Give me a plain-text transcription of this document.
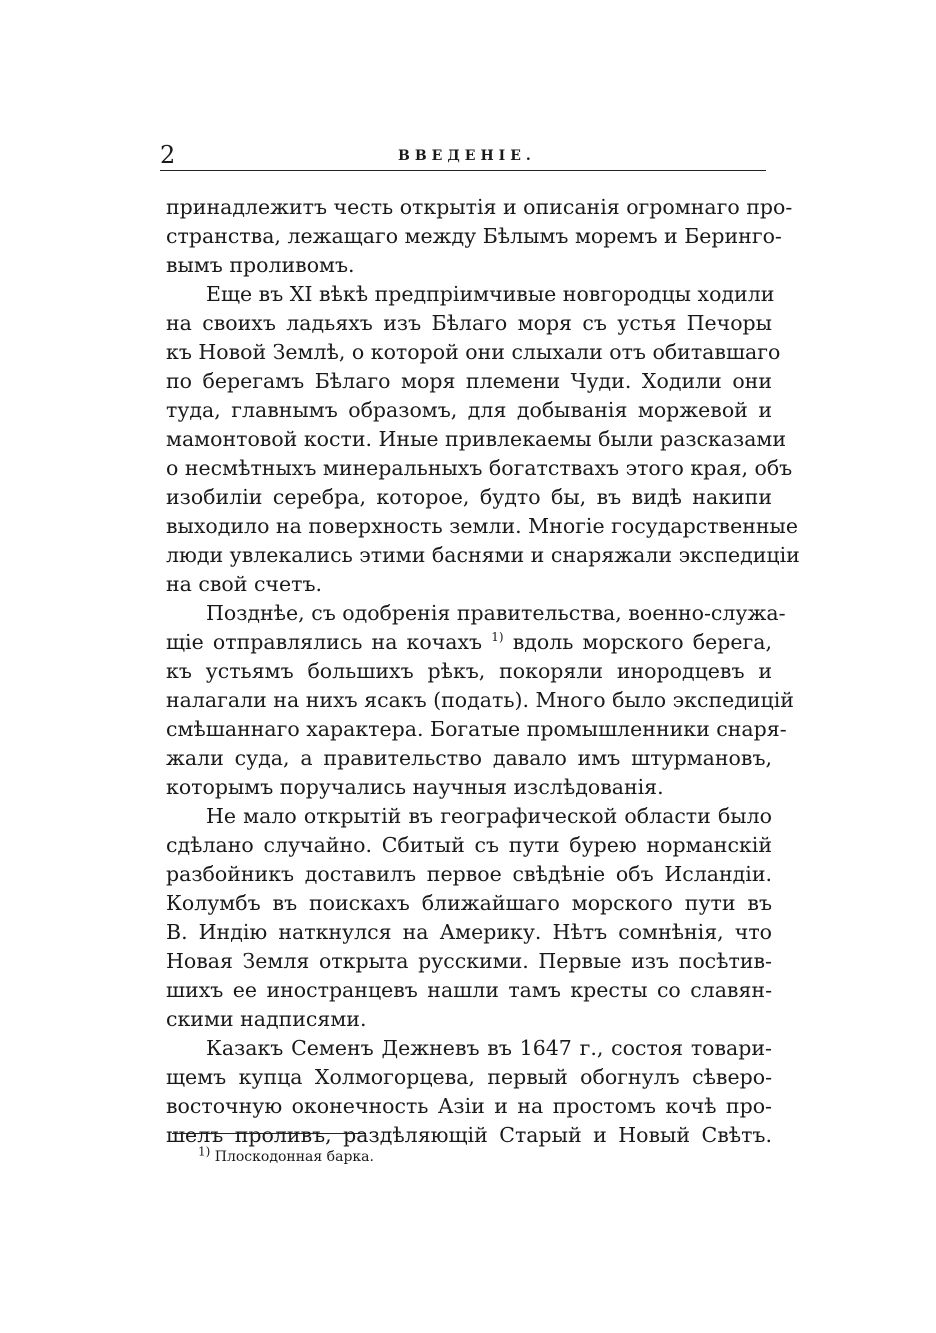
2	ВВЕДЕНІЕ.
принадлежитъ честь открытія и описанія огромнаго про-
странства, лежащаго между Бѣлымъ моремъ и Беринго-
вымъ проливомъ.
Еще въ XI вѣкѣ предпріимчивые новгородцы ходили
на своихъ ладьяхъ изъ Бѣлаго моря съ устья Печоры
къ Новой Землѣ, о которой они слыхали отъ обитавшаго
по берегамъ Бѣлаго моря племени Чуди. Ходили они
туда, главнымъ образомъ, для добыванія моржевой и
мамонтовой кости. Иные привлекаемы были разсказами
о несмѣтныхъ минеральныхъ богатствахъ этого края, объ
изобиліи серебра, которое, будто бы, въ видѣ накипи
выходило на поверхность земли. Многіе государственные
люди увлекались этими баснями и снаряжали экспедиціи
на свой счетъ.
Позднѣе, съ одобренія правительства, военно-служа-
щіе отправлялись на кочахъ $^{1)}$ вдоль морского берега,
къ устьямъ большихъ рѣкъ, покоряли инородцевъ и
налагали на нихъ ясакъ (подать). Много было экспедицій
смѣшаннаго характера. Богатые промышленники снаря-
жали суда, а правительство давало имъ штурмановъ,
которымъ поручались научныя изслѣдованія.
Не мало открытій въ географической области было
сдѣлано случайно. Сбитый съ пути бурею норманскій
разбойникъ доставилъ первое свѣдѣніе объ Исландіи.
Колумбъ въ поискахъ ближайшаго морского пути въ
В. Индію наткнулся на Америку. Нѣтъ сомнѣнія, что
Новая Земля открыта русскими. Первые изъ посѣтив-
шихъ ее иностранцевъ нашли тамъ кресты со славян-
скими надписями.
Казакъ Семенъ Дежневъ въ 1647 г., состоя товари-
щемъ купца Холмогорцева, первый обогнулъ сѣверо-
восточную оконечность Азіи и на простомъ кочѣ про-
шелъ проливъ, раздѣляющій Старый и Новый Свѣтъ.
$^{1)}$ Плоскодонная барка.
